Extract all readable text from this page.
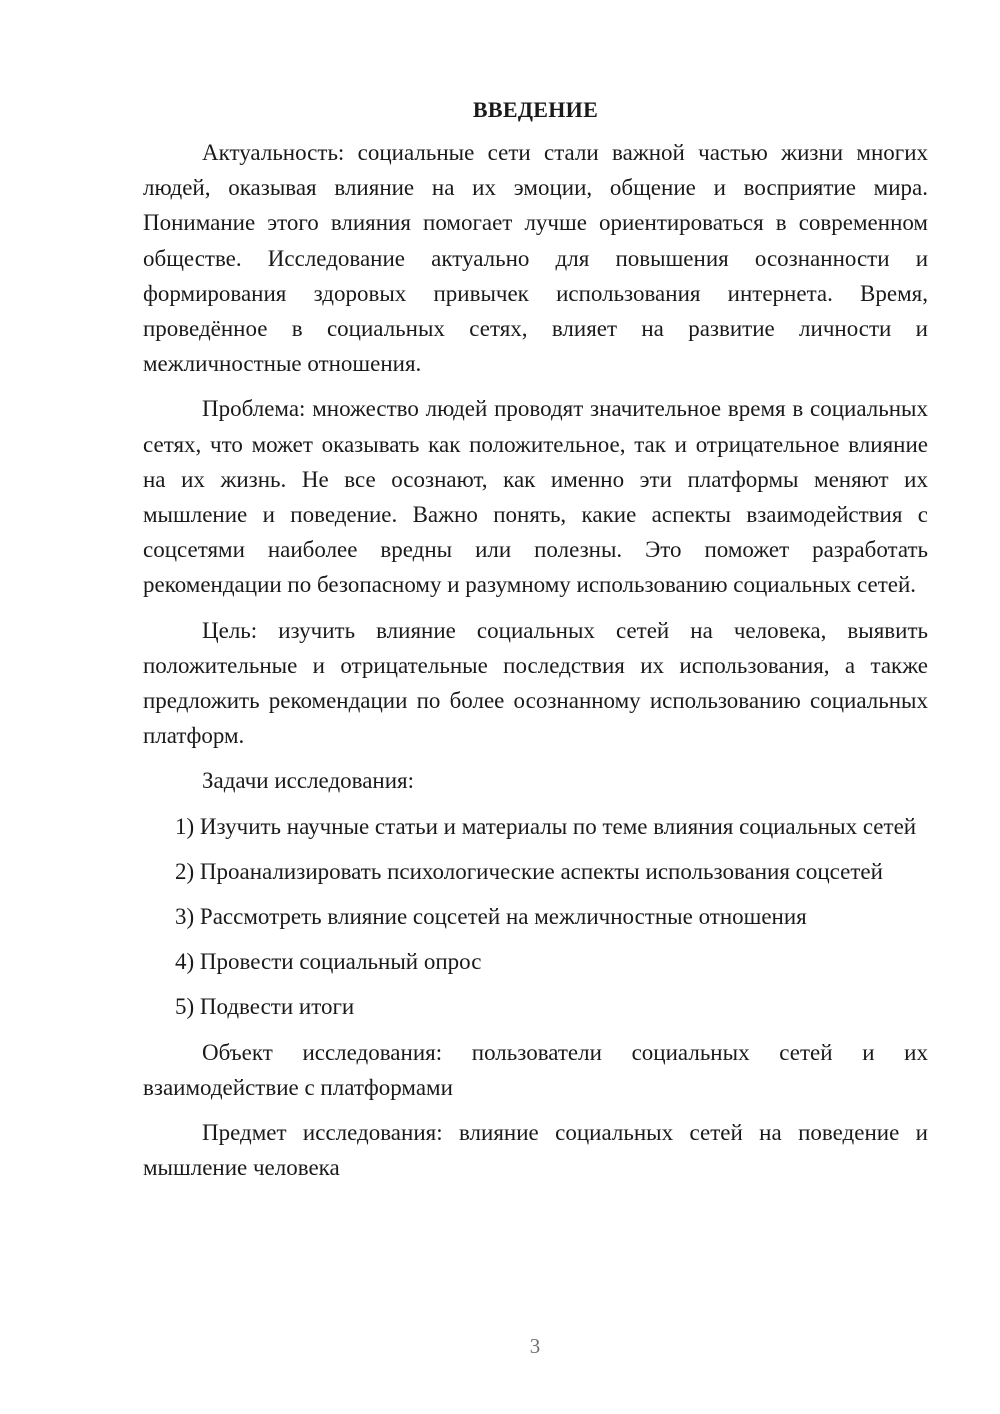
ВВЕДЕНИЕ

Актуальность: социальные сети стали важной частью жизни многих людей, оказывая влияние на их эмоции, общение и восприятие мира. Понимание этого влияния помогает лучше ориентироваться в современном обществе. Исследование актуально для повышения осознанности и формирования здоровых привычек использования интернета. Время, проведённое в социальных сетях, влияет на развитие личности и межличностные отношения.

Проблема: множество людей проводят значительное время в социальных сетях, что может оказывать как положительное, так и отрицательное влияние на их жизнь. Не все осознают, как именно эти платформы меняют их мышление и поведение. Важно понять, какие аспекты взаимодействия с соцсетями наиболее вредны или полезны. Это поможет разработать рекомендации по безопасному и разумному использованию социальных сетей.

Цель: изучить влияние социальных сетей на человека, выявить положительные и отрицательные последствия их использования, а также предложить рекомендации по более осознанному использованию социальных платформ.

Задачи исследования:

1) Изучить научные статьи и материалы по теме влияния социальных сетей

2) Проанализировать психологические аспекты использования соцсетей

3) Рассмотреть влияние соцсетей на межличностные отношения

4) Провести социальный опрос

5) Подвести итоги

Объект исследования: пользователи социальных сетей и их взаимодействие с платформами

Предмет исследования: влияние социальных сетей на поведение и мышление человека

3
